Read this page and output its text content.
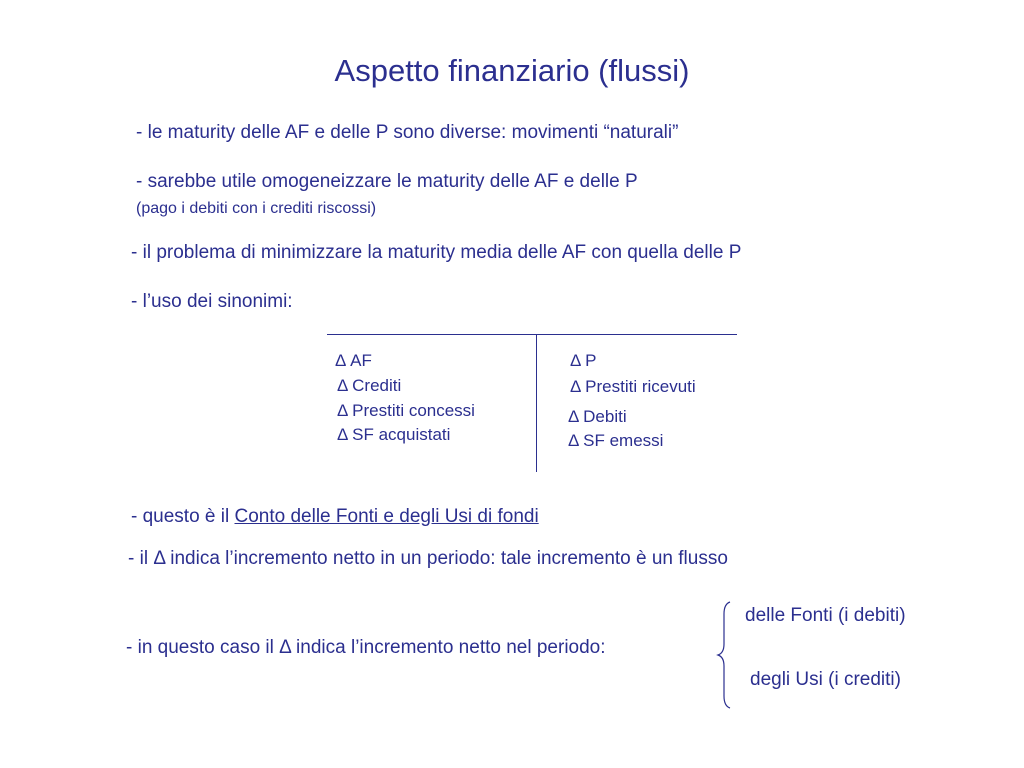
Aspetto finanziario (flussi)
- le maturity delle AF e delle P sono diverse: movimenti “naturali”
- sarebbe utile omogeneizzare le maturity delle AF e delle P
(pago i debiti con i crediti riscossi)
- il problema di minimizzare la maturity media delle AF con quella delle P
- l’uso dei sinonimi:
Δ AF
Δ Crediti
Δ Prestiti concessi
Δ SF acquistati
Δ P
Δ Prestiti ricevuti
Δ Debiti
Δ SF emessi
- questo è il Conto delle Fonti e degli Usi di fondi
- il Δ indica l’incremento netto in un periodo: tale incremento è un flusso
- in questo caso il Δ indica l’incremento netto nel periodo:
delle Fonti (i debiti)
degli Usi (i crediti)
